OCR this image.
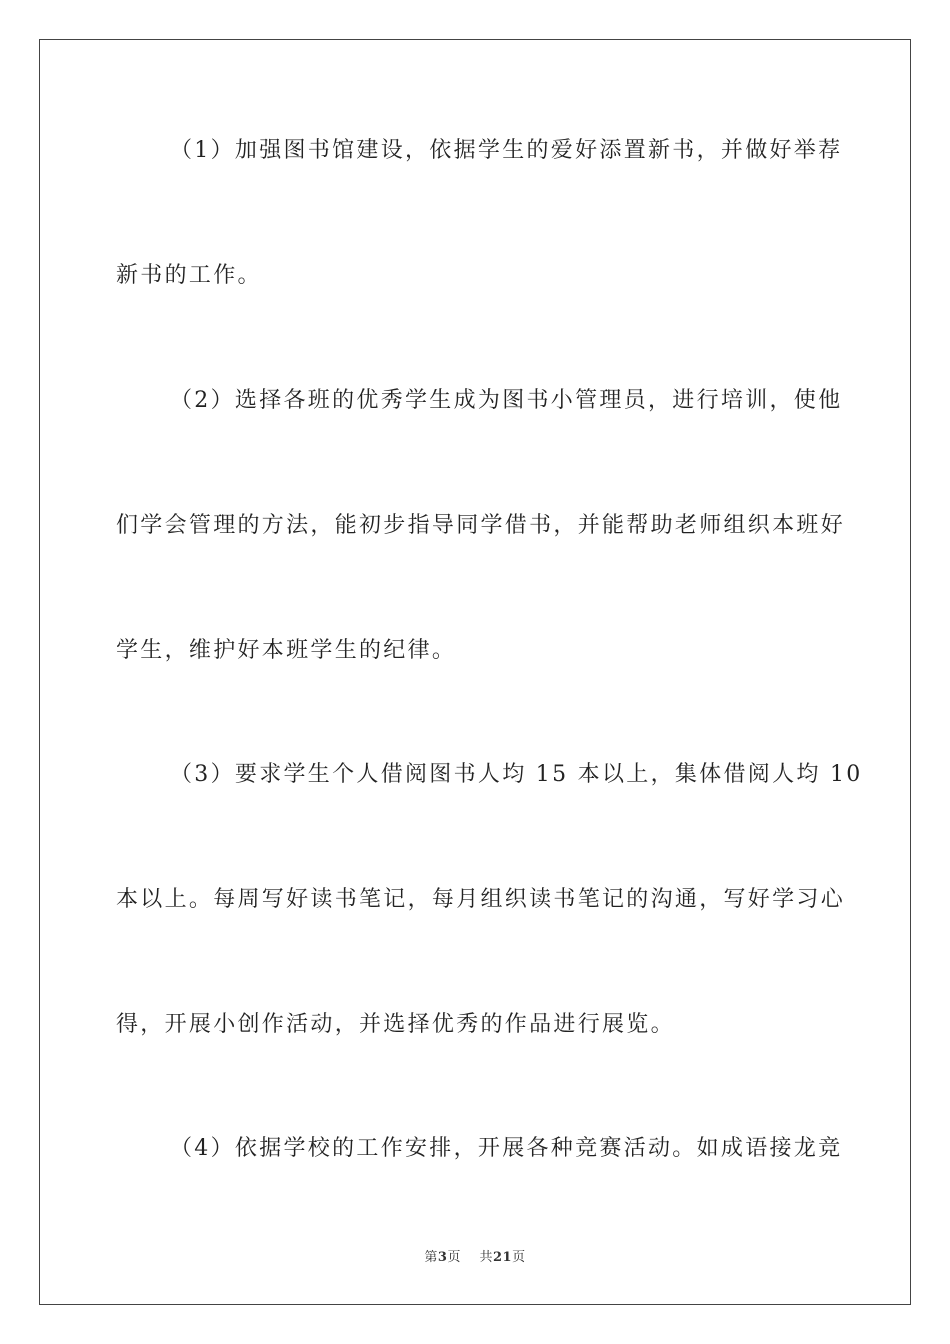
（1）加强图书馆建设，依据学生的爱好添置新书，并做好举荐
新书的工作。
（2）选择各班的优秀学生成为图书小管理员，进行培训，使他
们学会管理的方法，能初步指导同学借书，并能帮助老师组织本班好
学生，维护好本班学生的纪律。
（3）要求学生个人借阅图书人均 15 本以上，集体借阅人均 10
本以上。每周写好读书笔记，每月组织读书笔记的沟通，写好学习心
得，开展小创作活动，并选择优秀的作品进行展览。
（4）依据学校的工作安排，开展各种竞赛活动。如成语接龙竞
第3页 共21页
